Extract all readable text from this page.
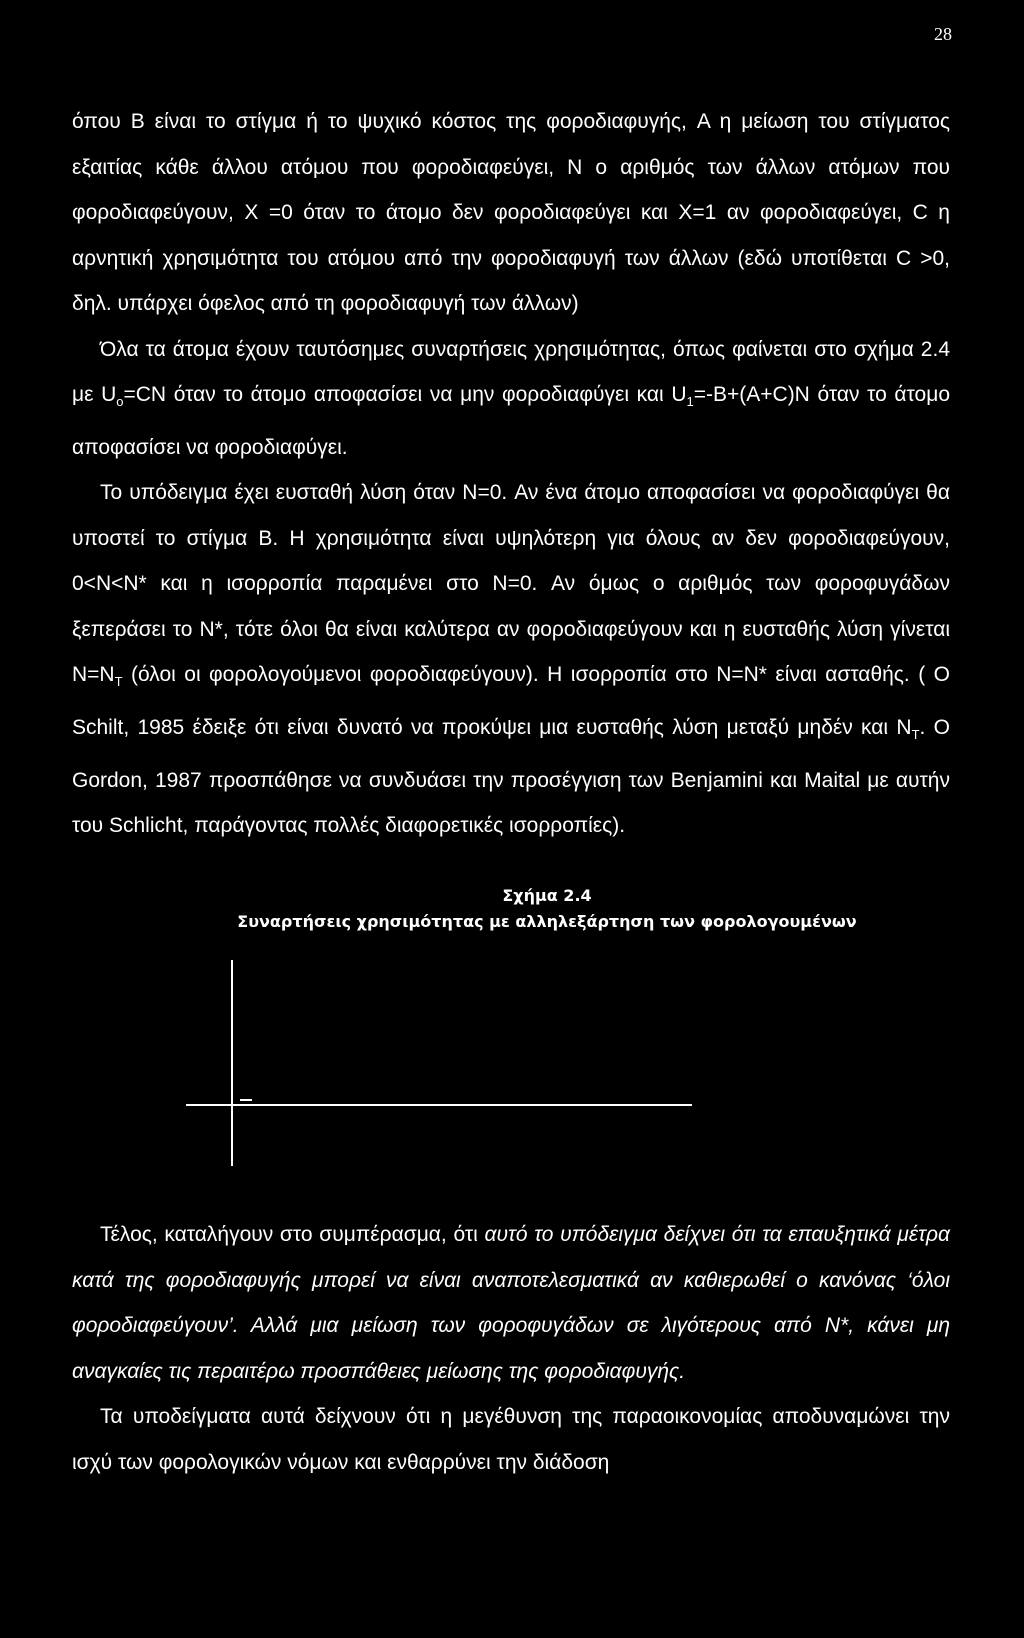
28

όπου B είναι το στίγμα ή το ψυχικό κόστος της φοροδιαφυγής, A η μείωση του στίγματος εξαιτίας κάθε άλλου ατόμου που φοροδιαφεύγει, N ο αριθμός των άλλων ατόμων που φοροδιαφεύγουν, X =0 όταν το άτομο δεν φοροδιαφεύγει και X=1 αν φοροδιαφεύγει, C η αρνητική χρησιμότητα του ατόμου από την φοροδιαφυγή των άλλων (εδώ υποτίθεται C >0, δηλ. υπάρχει όφελος από τη φοροδιαφυγή των άλλων)

Όλα τα άτομα έχουν ταυτόσημες συναρτήσεις χρησιμότητας, όπως φαίνεται στο σχήμα 2.4 με $U_o=CN$ όταν το άτομο αποφασίσει να μην φοροδιαφύγει και $U_1=-B+(A+C)N$ όταν το άτομο αποφασίσει να φοροδιαφύγει.

Το υπόδειγμα έχει ευσταθή λύση όταν N=0. Αν ένα άτομο αποφασίσει να φοροδιαφύγει θα υποστεί το στίγμα B. Η χρησιμότητα είναι υψηλότερη για όλους αν δεν φοροδιαφεύγουν, 0<N<N* και η ισορροπία παραμένει στο N=0. Αν όμως ο αριθμός των φοροφυγάδων ξεπεράσει το N*, τότε όλοι θα είναι καλύτερα αν φοροδιαφεύγουν και η ευσταθής λύση γίνεται $N=N_T$ (όλοι οι φορολογούμενοι φοροδιαφεύγουν). Η ισορροπία στο N=N* είναι ασταθής. ( O Schilt, 1985 έδειξε ότι είναι δυνατό να προκύψει μια ευσταθής λύση μεταξύ μηδέν και $N_T$. O Gordon, 1987 προσπάθησε να συνδυάσει την προσέγγιση των Benjamini και Maital με αυτήν του Schlicht, παράγοντας πολλές διαφορετικές ισορροπίες).

Σχήμα 2.4
Συναρτήσεις χρησιμότητας με αλληλεξάρτηση των φορολογουμένων

Τέλος, καταλήγουν στο συμπέρασμα, ότι αυτό το υπόδειγμα δείχνει ότι τα επαυξητικά μέτρα κατά της φοροδιαφυγής μπορεί να είναι αναποτελεσματικά αν καθιερωθεί ο κανόνας ‘όλοι φοροδιαφεύγουν’. Αλλά μια μείωση των φοροφυγάδων σε λιγότερους από N*, κάνει μη αναγκαίες τις περαιτέρω προσπάθειες μείωσης της φοροδιαφυγής.

Τα υποδείγματα αυτά δείχνουν ότι η μεγέθυνση της παραοικονομίας αποδυναμώνει την ισχύ των φορολογικών νόμων και ενθαρρύνει την διάδοση
